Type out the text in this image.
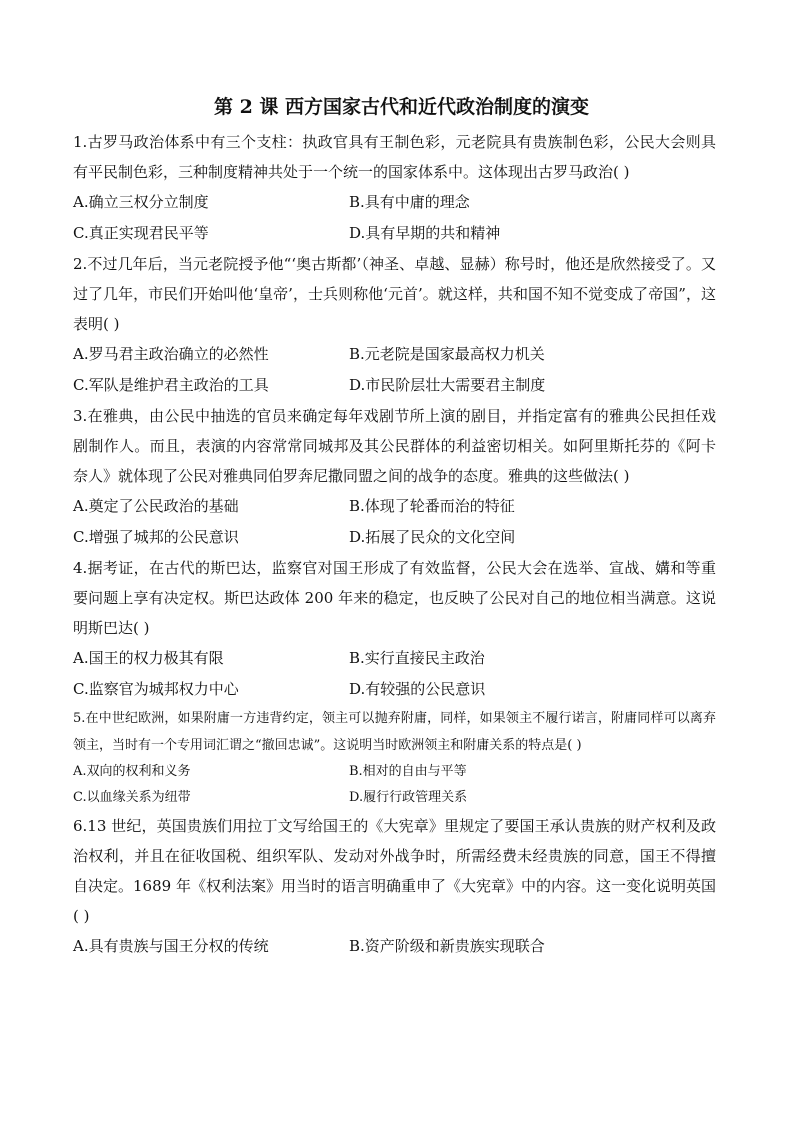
第 2 课 西方国家古代和近代政治制度的演变

1.古罗马政治体系中有三个支柱：执政官具有王制色彩，元老院具有贵族制色彩，公民大会则具有平民制色彩，三种制度精神共处于一个统一的国家体系中。这体现出古罗马政治( )

A.确立三权分立制度	B.具有中庸的理念
C.真正实现君民平等	D.具有早期的共和精神

2.不过几年后，当元老院授予他“‘奥古斯都’（神圣、卓越、显赫）称号时，他还是欣然接受了。又过了几年，市民们开始叫他‘皇帝’，士兵则称他‘元首’。就这样，共和国不知不觉变成了帝国”，这表明( )

A.罗马君主政治确立的必然性	B.元老院是国家最高权力机关
C.军队是维护君主政治的工具	D.市民阶层壮大需要君主制度

3.在雅典，由公民中抽选的官员来确定每年戏剧节所上演的剧目，并指定富有的雅典公民担任戏剧制作人。而且，表演的内容常常同城邦及其公民群体的利益密切相关。如阿里斯托芬的《阿卡奈人》就体现了公民对雅典同伯罗奔尼撒同盟之间的战争的态度。雅典的这些做法( )

A.奠定了公民政治的基础	B.体现了轮番而治的特征
C.增强了城邦的公民意识	D.拓展了民众的文化空间

4.据考证，在古代的斯巴达，监察官对国王形成了有效监督，公民大会在选举、宣战、媾和等重要问题上享有决定权。斯巴达政体 200 年来的稳定，也反映了公民对自己的地位相当满意。这说明斯巴达( )

A.国王的权力极其有限	B.实行直接民主政治
C.监察官为城邦权力中心	D.有较强的公民意识

5.在中世纪欧洲，如果附庸一方违背约定，领主可以抛弃附庸，同样，如果领主不履行诺言，附庸同样可以离弃领主，当时有一个专用词汇谓之“撤回忠诚”。这说明当时欧洲领主和附庸关系的特点是( )

A.双向的权利和义务	B.相对的自由与平等
C.以血缘关系为纽带	D.履行行政管理关系

6.13 世纪，英国贵族们用拉丁文写给国王的《大宪章》里规定了要国王承认贵族的财产权利及政治权利，并且在征收国税、组织军队、发动对外战争时，所需经费未经贵族的同意，国王不得擅自决定。1689 年《权利法案》用当时的语言明确重申了《大宪章》中的内容。这一变化说明英国( )

A.具有贵族与国王分权的传统	B.资产阶级和新贵族实现联合
